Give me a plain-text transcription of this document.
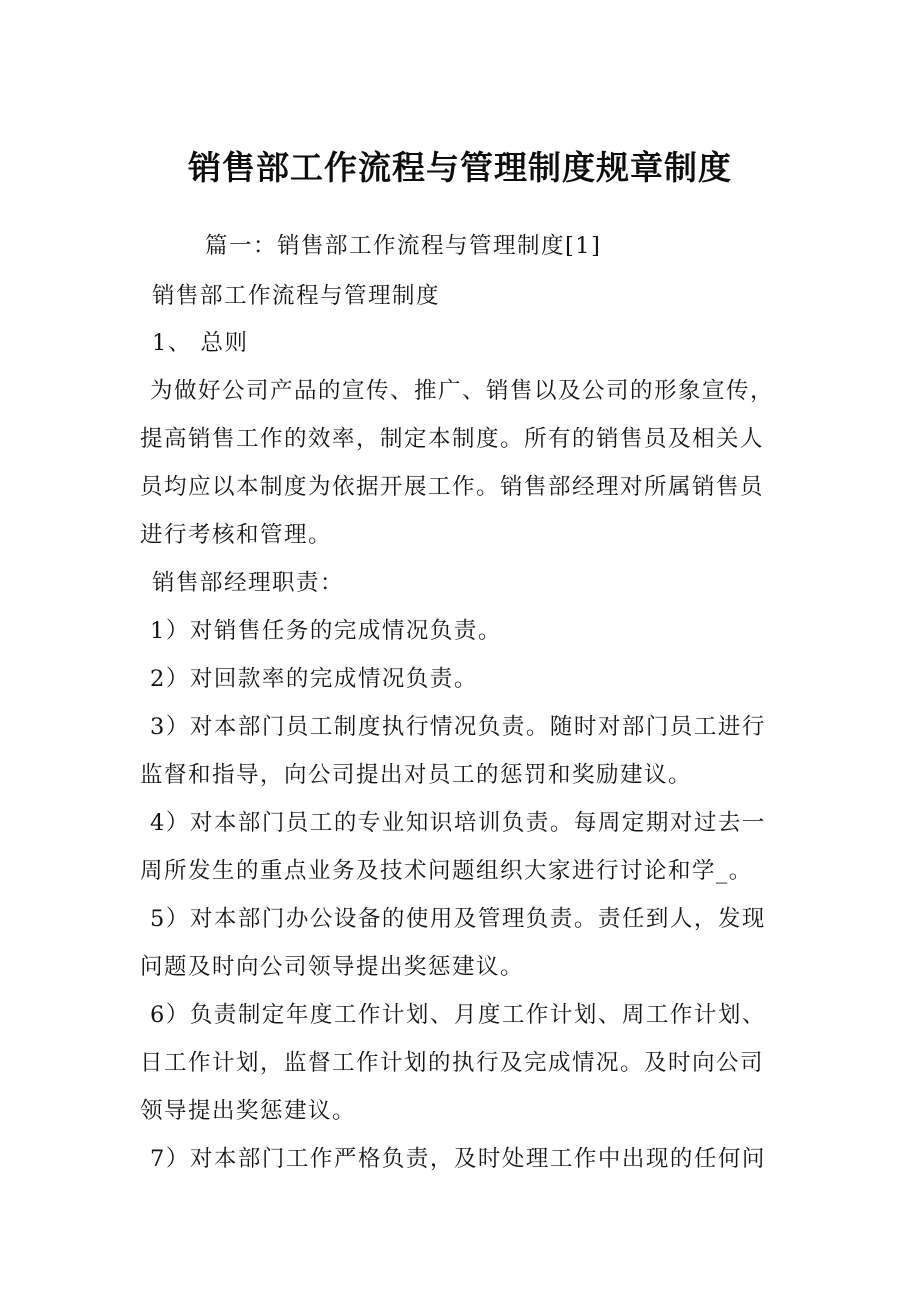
销售部工作流程与管理制度规章制度
篇一：销售部工作流程与管理制度[1]
销售部工作流程与管理制度
1、 总则
为做好公司产品的宣传、推广、销售以及公司的形象宣传，
提高销售工作的效率，制定本制度。所有的销售员及相关人
员均应以本制度为依据开展工作。销售部经理对所属销售员
进行考核和管理。
销售部经理职责：
1）对销售任务的完成情况负责。
2）对回款率的完成情况负责。
3）对本部门员工制度执行情况负责。随时对部门员工进行
监督和指导，向公司提出对员工的惩罚和奖励建议。
4）对本部门员工的专业知识培训负责。每周定期对过去一
周所发生的重点业务及技术问题组织大家进行讨论和学_。
5）对本部门办公设备的使用及管理负责。责任到人，发现
问题及时向公司领导提出奖惩建议。
6）负责制定年度工作计划、月度工作计划、周工作计划、
日工作计划，监督工作计划的执行及完成情况。及时向公司
领导提出奖惩建议。
7）对本部门工作严格负责，及时处理工作中出现的任何问
